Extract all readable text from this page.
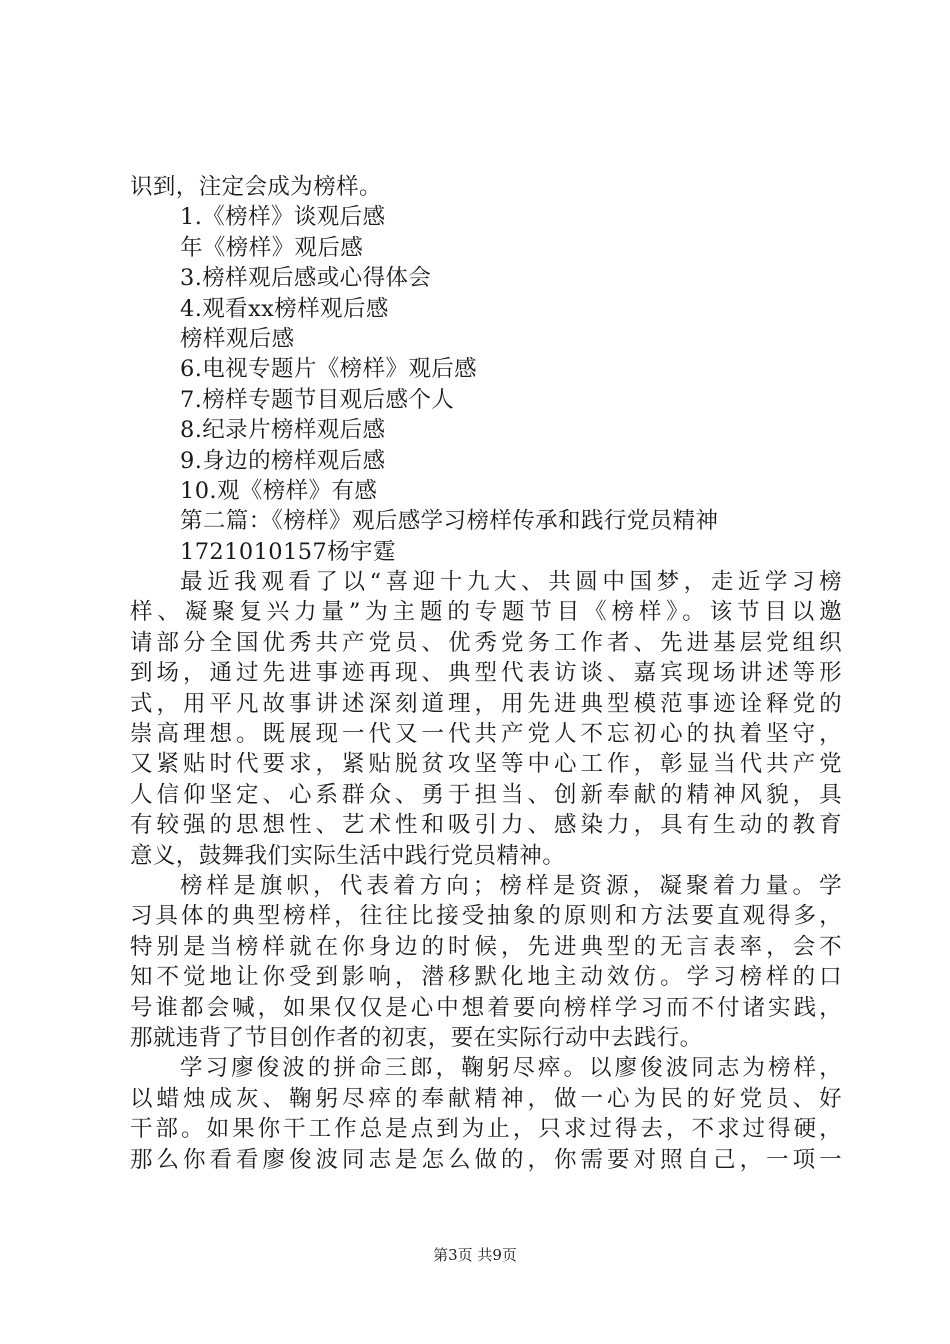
识到，注定会成为榜样。
1.《榜样》谈观后感
年《榜样》观后感
3.榜样观后感或心得体会
4.观看xx榜样观后感
榜样观后感
6.电视专题片《榜样》观后感
7.榜样专题节目观后感个人
8.纪录片榜样观后感
9.身边的榜样观后感
10.观《榜样》有感
第二篇：《榜样》观后感学习榜样传承和践行党员精神
1721010157杨宇霆
最近我观看了以“喜迎十九大、共圆中国梦，走近学习榜
样、凝聚复兴力量”为主题的专题节目《榜样》。该节目以邀
请部分全国优秀共产党员、优秀党务工作者、先进基层党组织
到场，通过先进事迹再现、典型代表访谈、嘉宾现场讲述等形
式，用平凡故事讲述深刻道理，用先进典型模范事迹诠释党的
崇高理想。既展现一代又一代共产党人不忘初心的执着坚守，
又紧贴时代要求，紧贴脱贫攻坚等中心工作，彰显当代共产党
人信仰坚定、心系群众、勇于担当、创新奉献的精神风貌，具
有较强的思想性、艺术性和吸引力、感染力，具有生动的教育
意义，鼓舞我们实际生活中践行党员精神。
榜样是旗帜，代表着方向；榜样是资源，凝聚着力量。学
习具体的典型榜样，往往比接受抽象的原则和方法要直观得多，
特别是当榜样就在你身边的时候，先进典型的无言表率，会不
知不觉地让你受到影响，潜移默化地主动效仿。学习榜样的口
号谁都会喊，如果仅仅是心中想着要向榜样学习而不付诸实践，
那就违背了节目创作者的初衷，要在实际行动中去践行。
学习廖俊波的拼命三郎，鞠躬尽瘁。以廖俊波同志为榜样，
以蜡烛成灰、鞠躬尽瘁的奉献精神，做一心为民的好党员、好
干部。如果你干工作总是点到为止，只求过得去，不求过得硬，
那么你看看廖俊波同志是怎么做的，你需要对照自己，一项一
第3页 共9页
